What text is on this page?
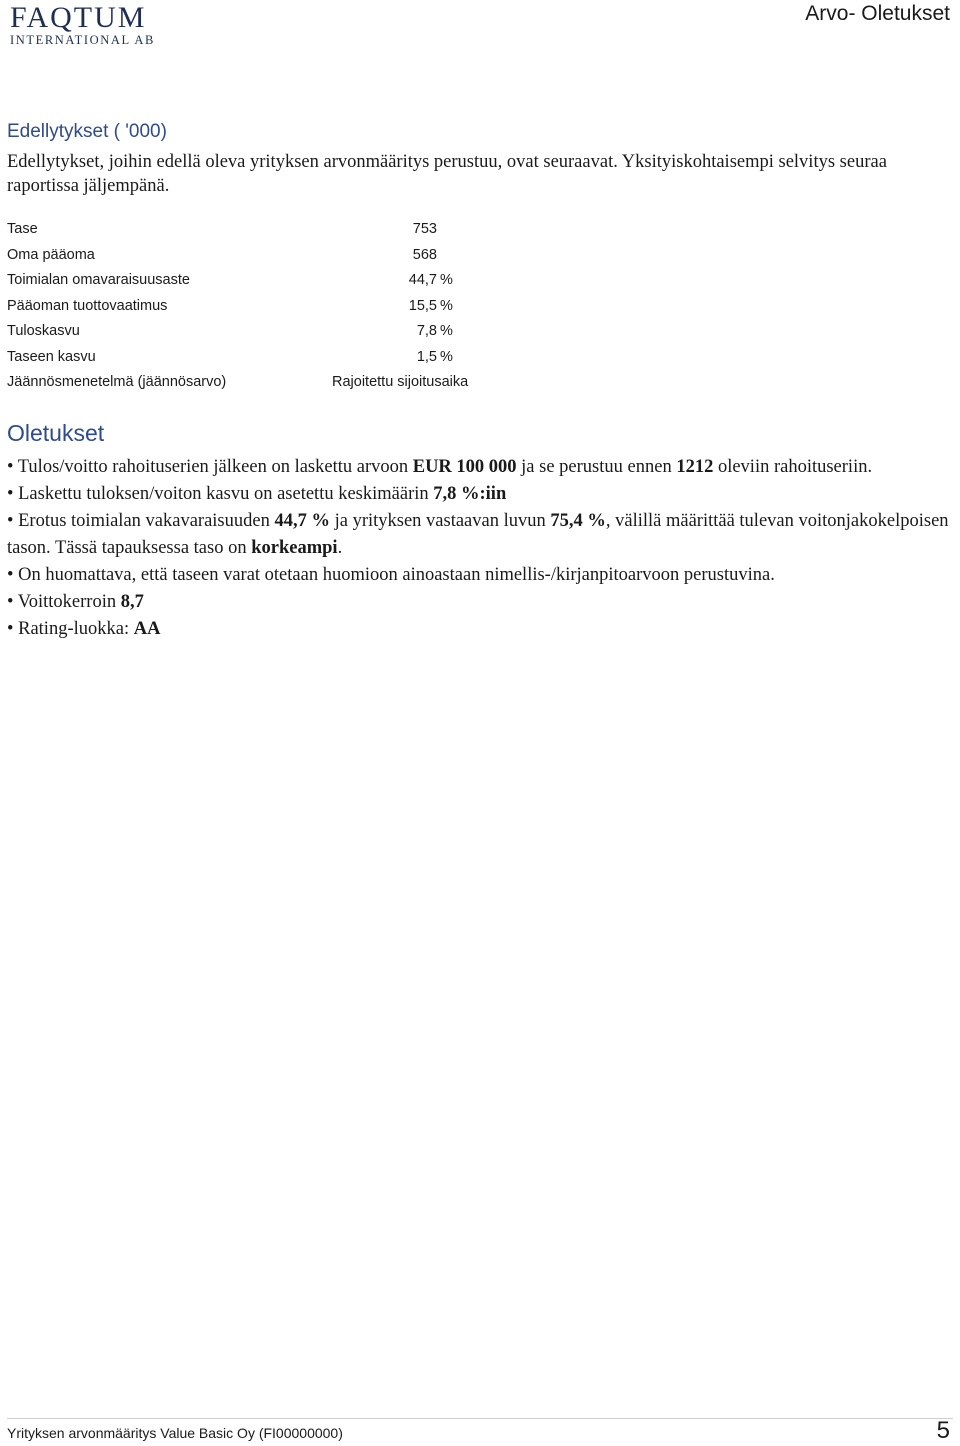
FAQTUM
INTERNATIONAL AB
Arvo- Oletukset
Edellytykset ( '000)
Edellytykset, joihin edellä oleva yrityksen arvonmääritys perustuu, ovat seuraavat. Yksityiskohtaisempi selvitys seuraa raportissa jäljempänä.
Tase	753
Oma pääoma	568
Toimialan omavaraisuusaste	44,7 %
Pääoman tuottovaatimus	15,5 %
Tuloskasvu	7,8 %
Taseen kasvu	1,5 %
Jäännösmenetelmä (jäännösarvo)	Rajoitettu sijoitusaika
Oletukset

• Tulos/voitto rahoituserien jälkeen on laskettu arvoon EUR 100 000 ja se perustuu ennen 1212 oleviin rahoituseriin.

• Laskettu tuloksen/voiton kasvu on asetettu keskimäärin 7,8 %:iin

• Erotus toimialan vakavaraisuuden 44,7 % ja yrityksen vastaavan luvun 75,4 %, välillä määrittää tulevan voitonjakokelpoisen tason. Tässä tapauksessa taso on korkeampi.

• On huomattava, että taseen varat otetaan huomioon ainoastaan nimellis-/kirjanpitoarvoon perustuvina.

• Voittokerroin 8,7

• Rating-luokka: AA

Yrityksen arvonmääritys Value Basic Oy (FI00000000)	5
